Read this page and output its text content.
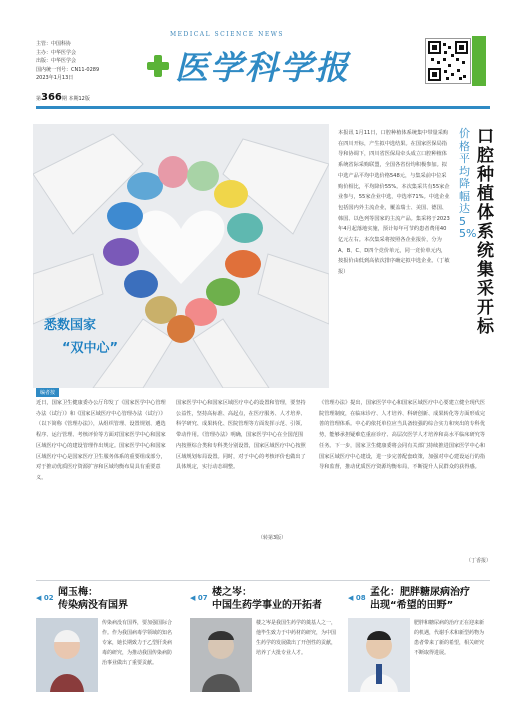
主管：中国科协
主办：中华医学会
出版：中华医学会
国内统一刊号：CN11-0289
2023年1月13日
第366期 本期12版
MEDICAL SCIENCE NEWS
医学科学报
悉数国家
“双中心”
本报讯 1月11日，口腔种植体系统集中带量采购在四川开标，产生拟中选结果。在国家医保局指导和协调下，四川省医保局牵头成立口腔种植体系统省际采购联盟，全国各省份均积极参加。拟中选产品平均中选价格548元，与集采前中位采购价相比，平均降价55%。本次集采共有55家企业参与，55家企业中选，中选率71%。中选企业包括国内外主流企业，覆盖瑞士、美国、德国、韩国、以色列等国家的主流产品。集采将于2023年4月起落地实施，预计每年可节约患者费用40亿元左右。本次集采将按照各企业报价，分为A、B、C、D四个竞价单元，同一竞价单元内，按报价由低到高依次排序确定拟中选企业。（丁敏报）
价格平均降幅达55%
口腔种植体系统集采开标
编者按
近日，国家卫生健康委办公厅印发了《国家医学中心管理办法（试行）》和《国家区域医疗中心管理办法（试行）》（以下简称《管理办法》），从组织管理、设置规划、遴选程序、运行管理、考核评价等方面对国家医学中心和国家区域医疗中心的建设管理作出规定。国家医学中心和国家区域医疗中心是国家医疗卫生服务体系的重要组成部分，对于推动优质医疗资源扩容和区域均衡布局具有重要意义。
国家医学中心和国家区域医疗中心的设置和管理，要坚持公益性，坚持高标准、高起点，在医疗服务、人才培养、科学研究、成果转化、医院管理等方面发挥示范、引领、带动作用。《管理办法》明确，国家医学中心在全国范围内按照综合类和专科类分别设置，国家区域医疗中心按照区域规划布局设置。同时，对于中心的考核评价也做出了具体规定，实行动态调整。
（转第3版）
《管理办法》提出，国家医学中心和国家区域医疗中心要建立健全现代医院管理制度，在临床诊疗、人才培养、科研创新、成果转化等方面形成完善的管理体系。中心的依托单位应当具备较强的综合实力和突出的专科优势，能够承担疑难危重症诊疗、高层次医学人才培养和高水平临床研究等任务。下一步，国家卫生健康委将会同有关部门持续推进国家医学中心和国家区域医疗中心建设，进一步完善配套政策，加强对中心建设运行的指导和监督，推动优质医疗资源均衡布局，不断提升人民群众的获得感。
（丁香报）
◀ 02 闻玉梅：
传染病没有国界
传染病没有国界，要加强国际合作。作为我国病毒学领域的知名专家，她长期致力于乙型肝炎病毒的研究，为推动我国传染病防治事业做出了重要贡献。
◀ 07 楼之岑：
中国生药学事业的开拓者
楼之岑是我国生药学的奠基人之一，他毕生致力于中药材的研究，为中国生药学的发展做出了开创性的贡献，培养了大批专业人才。
◀ 08 孟化：肥胖糖尿病治疗
出现“希望的田野”
肥胖和糖尿病的治疗正在迎来新的机遇，代谢手术和新型药物为患者带来了新的希望，相关研究不断取得进展。
